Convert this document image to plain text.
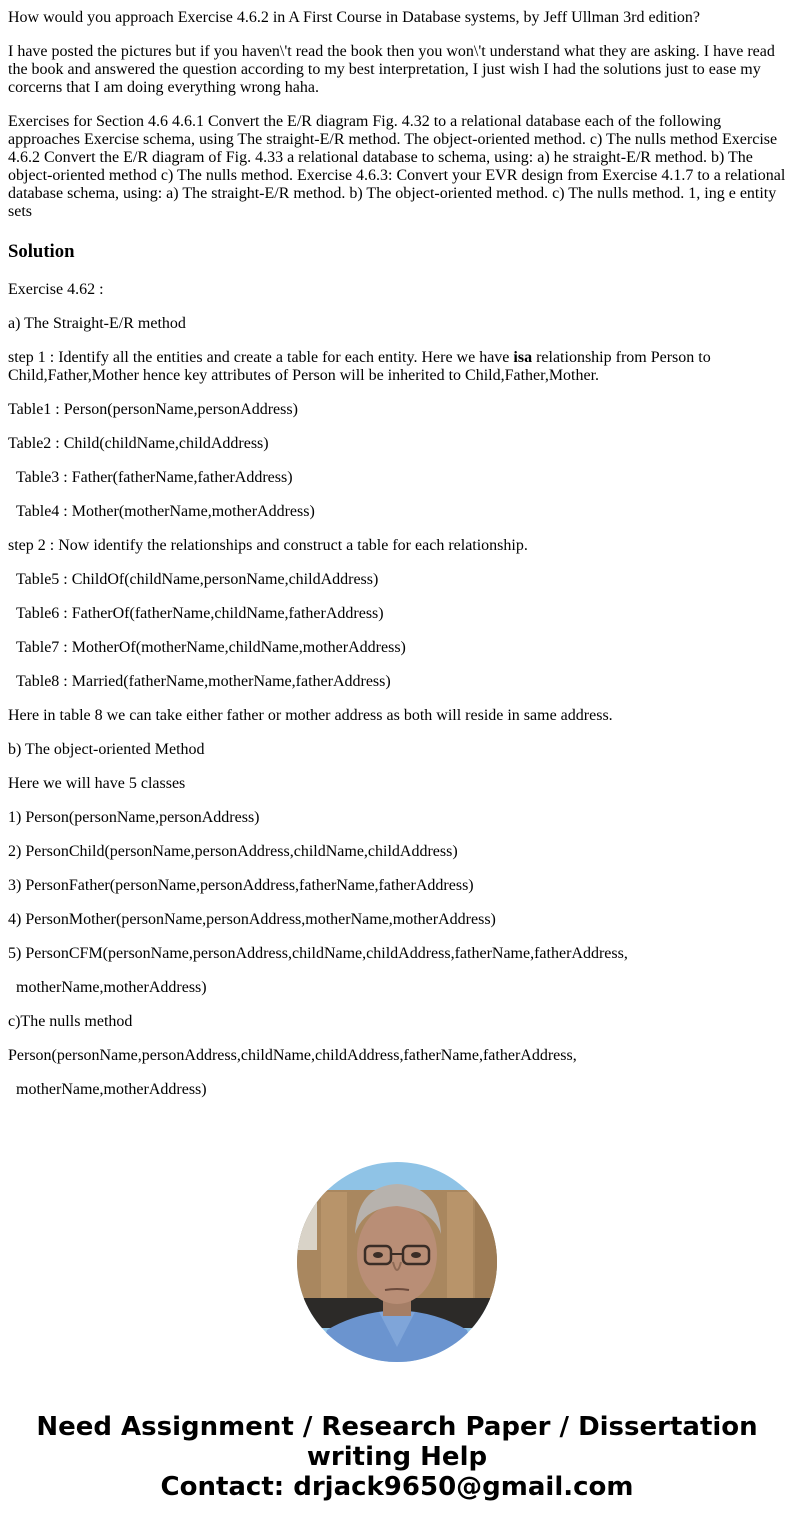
How would you approach Exercise 4.6.2 in A First Course in Database systems, by Jeff Ullman 3rd edition?

I have posted the pictures but if you haven\'t read the book then you won\'t understand what they are asking. I have read the book and answered the question according to my best interpretation, I just wish I had the solutions just to ease my corcerns that I am doing everything wrong haha.

Exercises for Section 4.6 4.6.1 Convert the E/R diagram Fig. 4.32 to a relational database each of the following approaches Exercise schema, using The straight-E/R method. The object-oriented method. c) The nulls method Exercise 4.6.2 Convert the E/R diagram of Fig. 4.33 a relational database to schema, using: a) he straight-E/R method. b) The object-oriented method c) The nulls method. Exercise 4.6.3: Convert your EVR design from Exercise 4.1.7 to a relational database schema, using: a) The straight-E/R method. b) The object-oriented method. c) The nulls method. 1, ing e entity sets

Solution

Exercise 4.62 :

a) The Straight-E/R method

step 1 : Identify all the entities and create a table for each entity. Here we have isa relationship from Person to Child,Father,Mother hence key attributes of Person will be inherited to Child,Father,Mother.

Table1 : Person(personName,personAddress)

Table2 : Child(childName,childAddress)

Table3 : Father(fatherName,fatherAddress)

Table4 : Mother(motherName,motherAddress)

step 2 : Now identify the relationships and construct a table for each relationship.

Table5 : ChildOf(childName,personName,childAddress)

Table6 : FatherOf(fatherName,childName,fatherAddress)

Table7 : MotherOf(motherName,childName,motherAddress)

Table8 : Married(fatherName,motherName,fatherAddress)

Here in table 8 we can take either father or mother address as both will reside in same address.

b) The object-oriented Method

Here we will have 5 classes

1) Person(personName,personAddress)

2) PersonChild(personName,personAddress,childName,childAddress)

3) PersonFather(personName,personAddress,fatherName,fatherAddress)

4) PersonMother(personName,personAddress,motherName,motherAddress)

5) PersonCFM(personName,personAddress,childName,childAddress,fatherName,fatherAddress,

motherName,motherAddress)

c)The nulls method

Person(personName,personAddress,childName,childAddress,fatherName,fatherAddress,

motherName,motherAddress)

Need Assignment / Research Paper / Dissertation
writing Help
Contact: drjack9650@gmail.com
